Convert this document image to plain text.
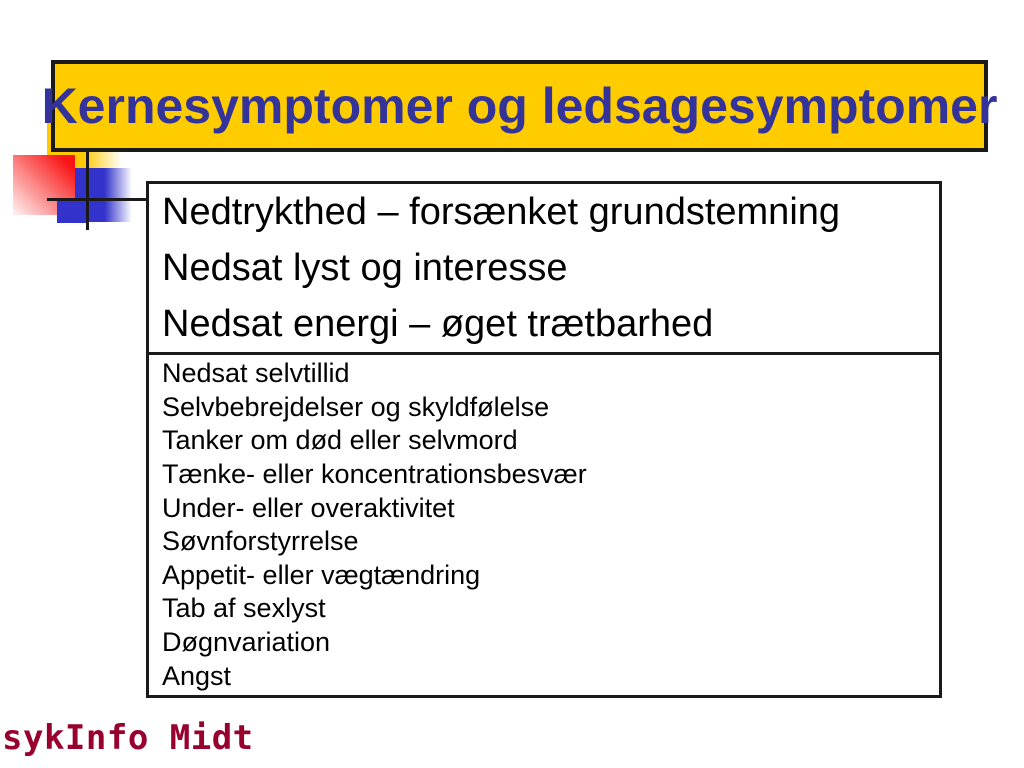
Kernesymptomer og ledsagesymptomer
Nedtrykthed – forsænket grundstemning
Nedsat lyst og interesse
Nedsat energi – øget trætbarhed
Nedsat selvtillid
Selvbebrejdelser og skyldfølelse
Tanker om død eller selvmord
Tænke- eller koncentrationsbesvær
Under- eller overaktivitet
Søvnforstyrrelse
Appetit- eller vægtændring
Tab af sexlyst
Døgnvariation
Angst
sykInfo Midt
